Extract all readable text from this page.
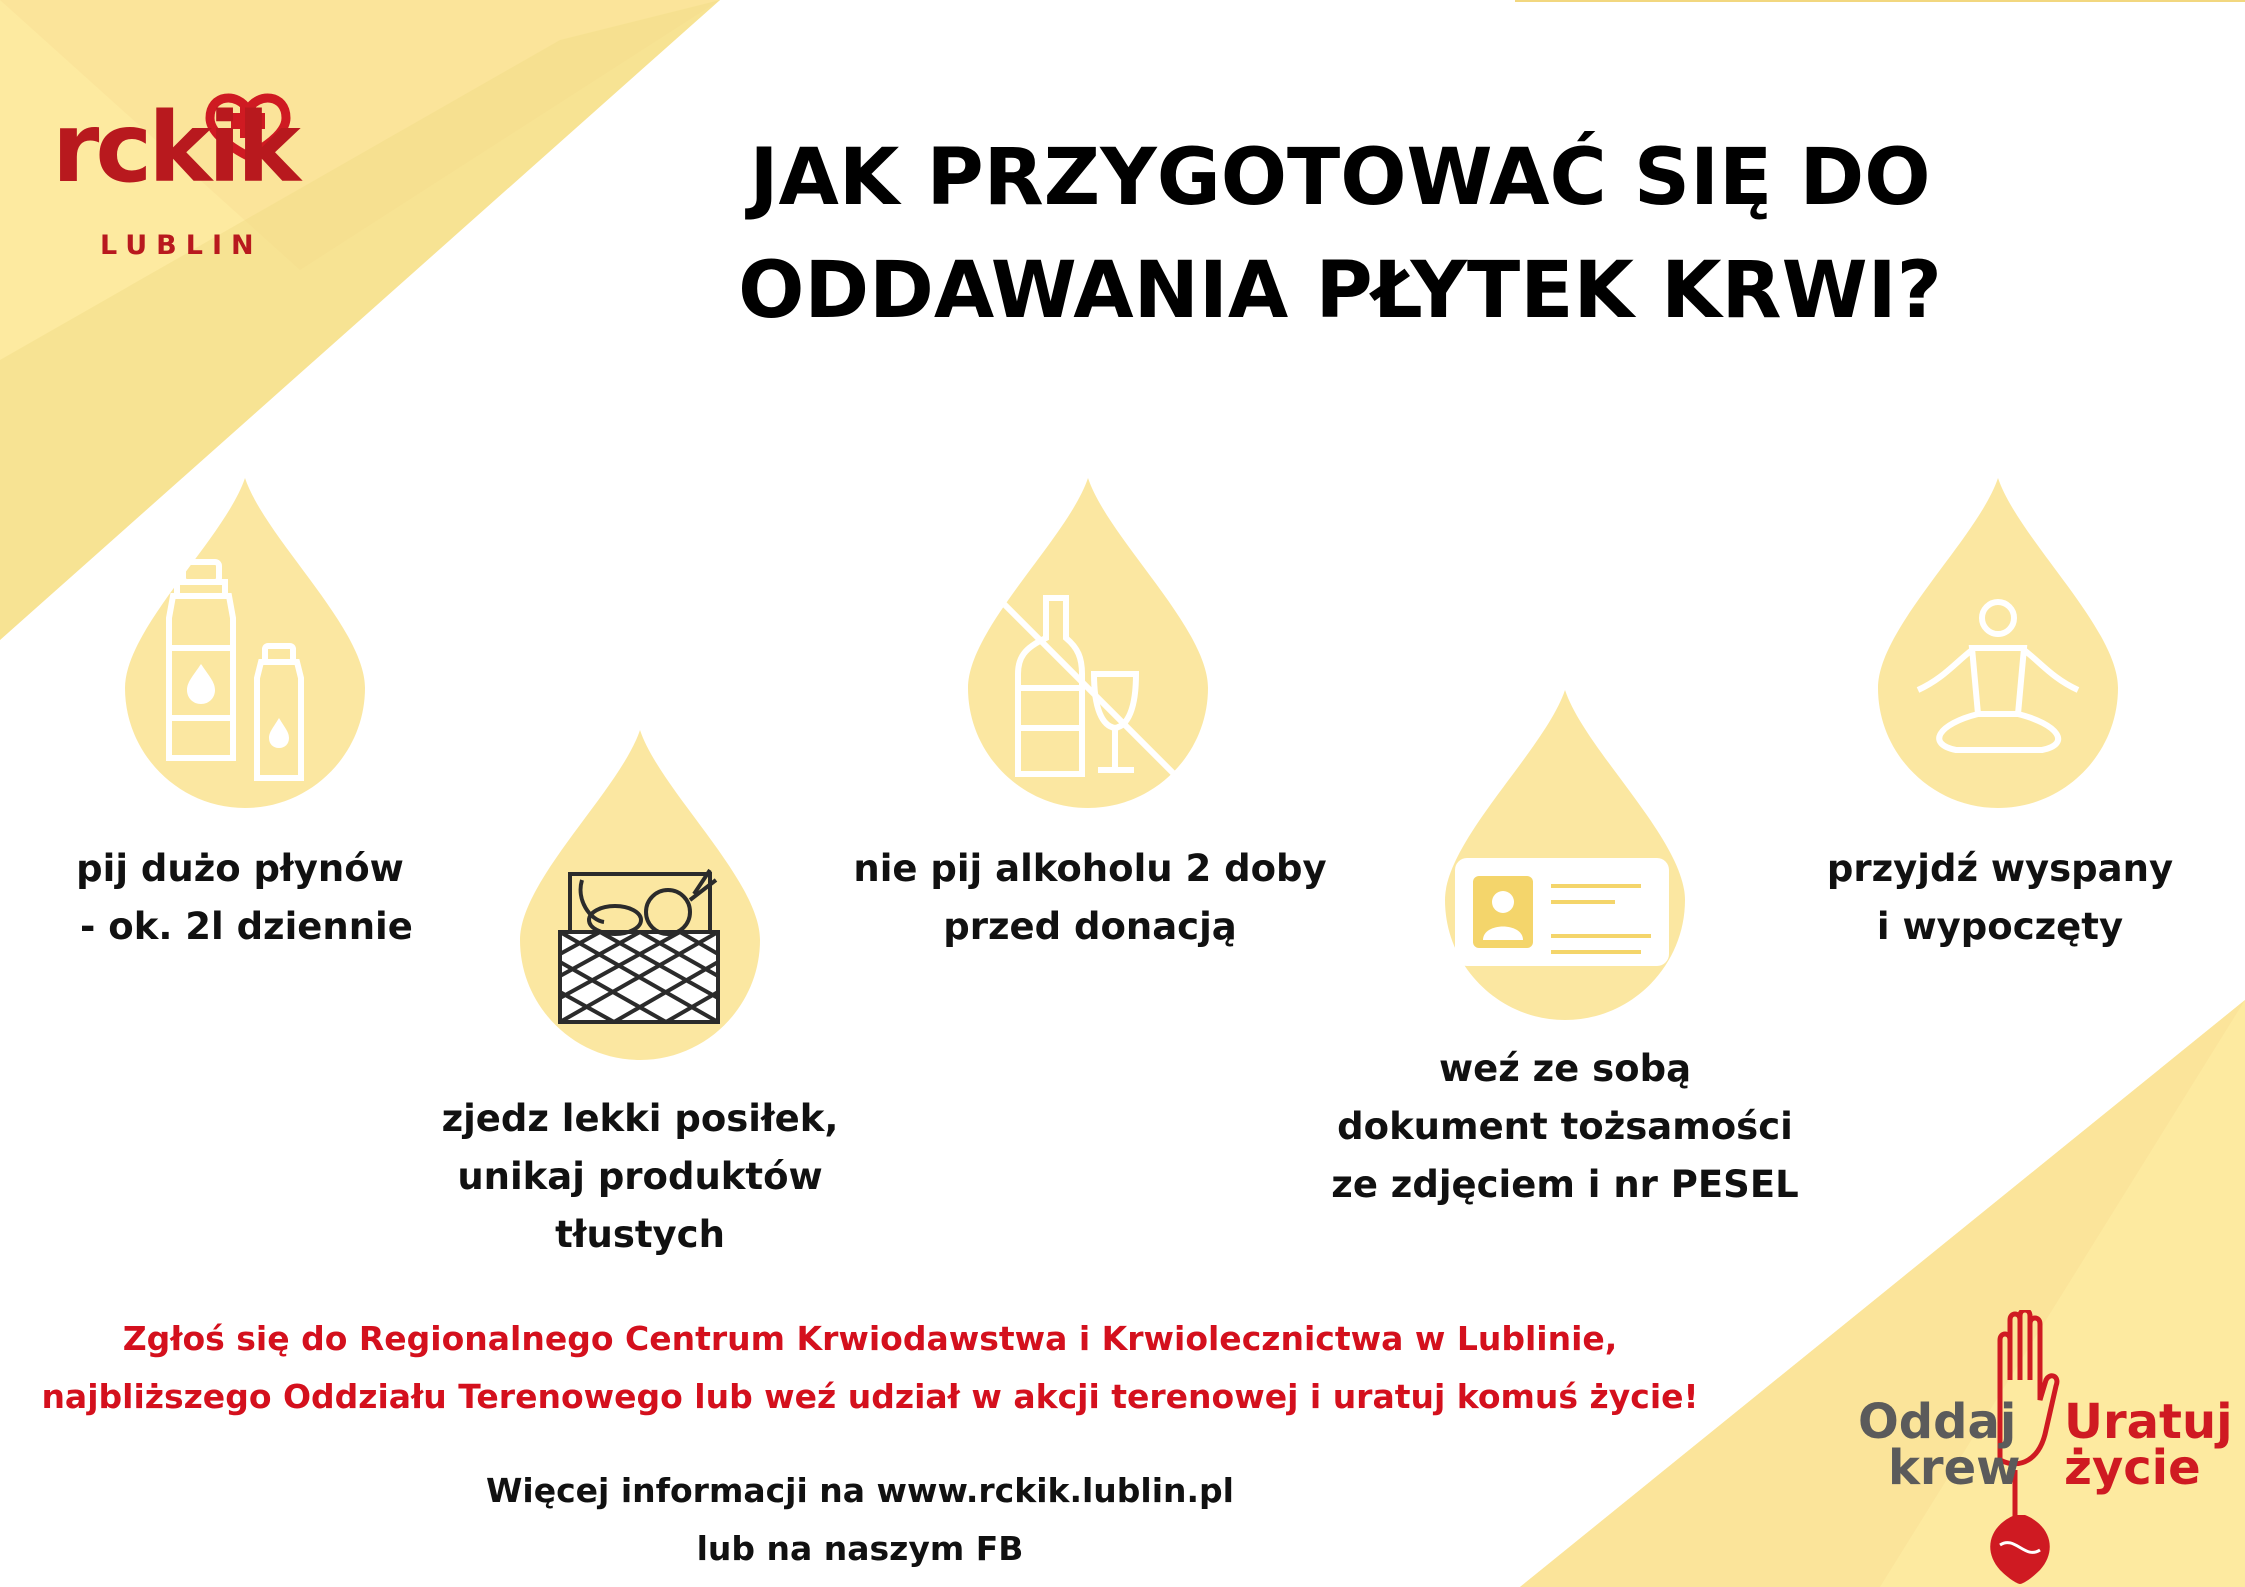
rckik
LUBLIN
JAK PRZYGOTOWAĆ SIĘ DO
ODDAWANIA PŁYTEK KRWI?
pij dużo płynów
- ok. 2l dziennie
zjedz lekki posiłek,
unikaj produktów
tłustych
nie pij alkoholu 2 doby
przed donacją
weź ze sobą
dokument tożsamości
ze zdjęciem i nr PESEL
przyjdź wyspany
i wypoczęty
Zgłoś się do Regionalnego Centrum Krwiodawstwa i Krwiolecznictwa w Lublinie,
najbliższego Oddziału Terenowego lub weź udział w akcji terenowej i uratuj komuś życie!
Więcej informacji na www.rckik.lublin.pl
lub na naszym FB
Oddaj
krew
Uratuj
życie
